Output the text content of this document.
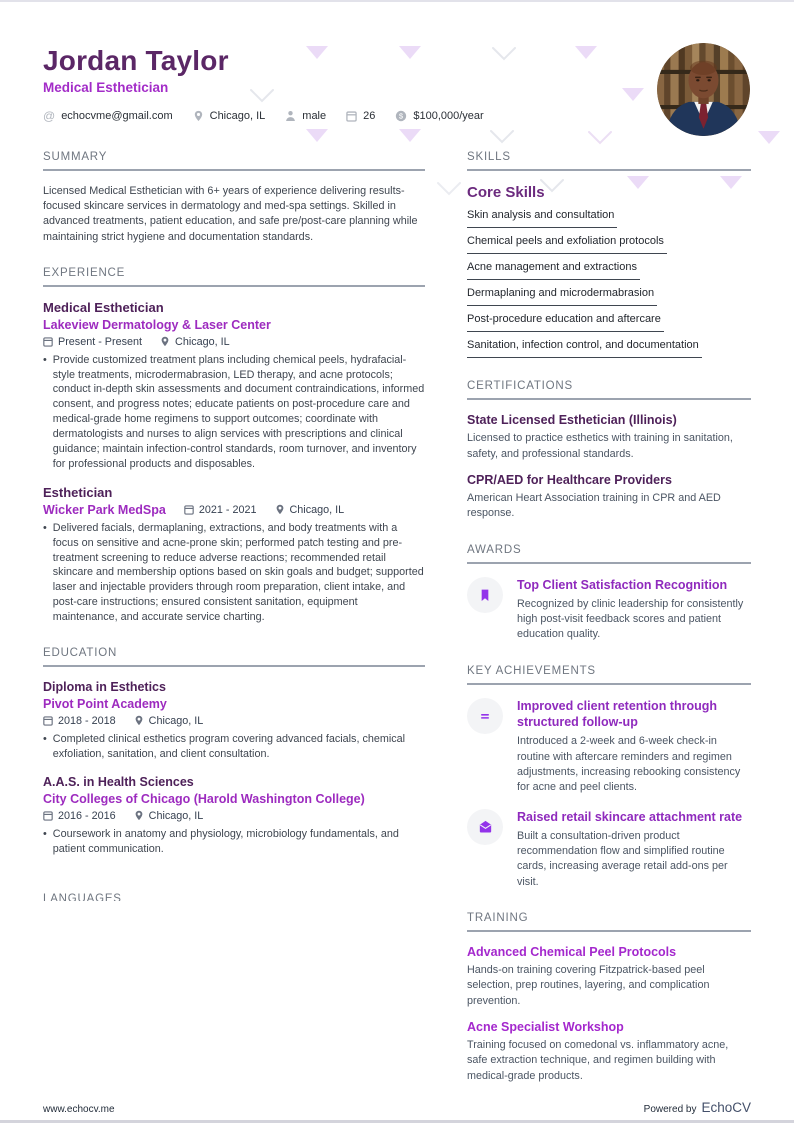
Jordan Taylor
Medical Esthetician
@ echocvme@gmail.com	Chicago, IL	male	26	$ $100,000/year
SUMMARY
Licensed Medical Esthetician with 6+ years of experience delivering results-focused skincare services in dermatology and med-spa settings. Skilled in advanced treatments, patient education, and safe pre/post-care planning while maintaining strict hygiene and documentation standards.
EXPERIENCE
Medical Esthetician
Lakeview Dermatology & Laser Center
Present - Present	Chicago, IL
• Provide customized treatment plans including chemical peels, hydrafacial-style treatments, microdermabrasion, LED therapy, and acne protocols; conduct in-depth skin assessments and document contraindications, informed consent, and progress notes; educate patients on post-procedure care and medical-grade home regimens to support outcomes; coordinate with dermatologists and nurses to align services with prescriptions and clinical guidance; maintain infection-control standards, room turnover, and inventory for professional products and disposables.
Esthetician
Wicker Park MedSpa	2021 - 2021	Chicago, IL
• Delivered facials, dermaplaning, extractions, and body treatments with a focus on sensitive and acne-prone skin; performed patch testing and pre-treatment screening to reduce adverse reactions; recommended retail skincare and membership options based on skin goals and budget; supported laser and injectable providers through room preparation, client intake, and post-care instructions; ensured consistent sanitation, equipment maintenance, and accurate service charting.
EDUCATION
Diploma in Esthetics
Pivot Point Academy
2018 - 2018	Chicago, IL
• Completed clinical esthetics program covering advanced facials, chemical exfoliation, sanitation, and client consultation.
A.A.S. in Health Sciences
City Colleges of Chicago (Harold Washington College)
2016 - 2016	Chicago, IL
• Coursework in anatomy and physiology, microbiology fundamentals, and patient communication.
LANGUAGES
SKILLS
Core Skills
Skin analysis and consultation
Chemical peels and exfoliation protocols
Acne management and extractions
Dermaplaning and microdermabrasion
Post-procedure education and aftercare
Sanitation, infection control, and documentation
CERTIFICATIONS
State Licensed Esthetician (Illinois)
Licensed to practice esthetics with training in sanitation, safety, and professional standards.
CPR/AED for Healthcare Providers
American Heart Association training in CPR and AED response.
AWARDS
Top Client Satisfaction Recognition
Recognized by clinic leadership for consistently high post-visit feedback scores and patient education quality.
KEY ACHIEVEMENTS
Improved client retention through structured follow-up
Introduced a 2-week and 6-week check-in routine with aftercare reminders and regimen adjustments, increasing rebooking consistency for acne and peel clients.
Raised retail skincare attachment rate
Built a consultation-driven product recommendation flow and simplified routine cards, increasing average retail add-ons per visit.
TRAINING
Advanced Chemical Peel Protocols
Hands-on training covering Fitzpatrick-based peel selection, prep routines, layering, and complication prevention.
Acne Specialist Workshop
Training focused on comedonal vs. inflammatory acne, safe extraction technique, and regimen building with medical-grade products.
www.echocv.me	Powered by EchoCV
